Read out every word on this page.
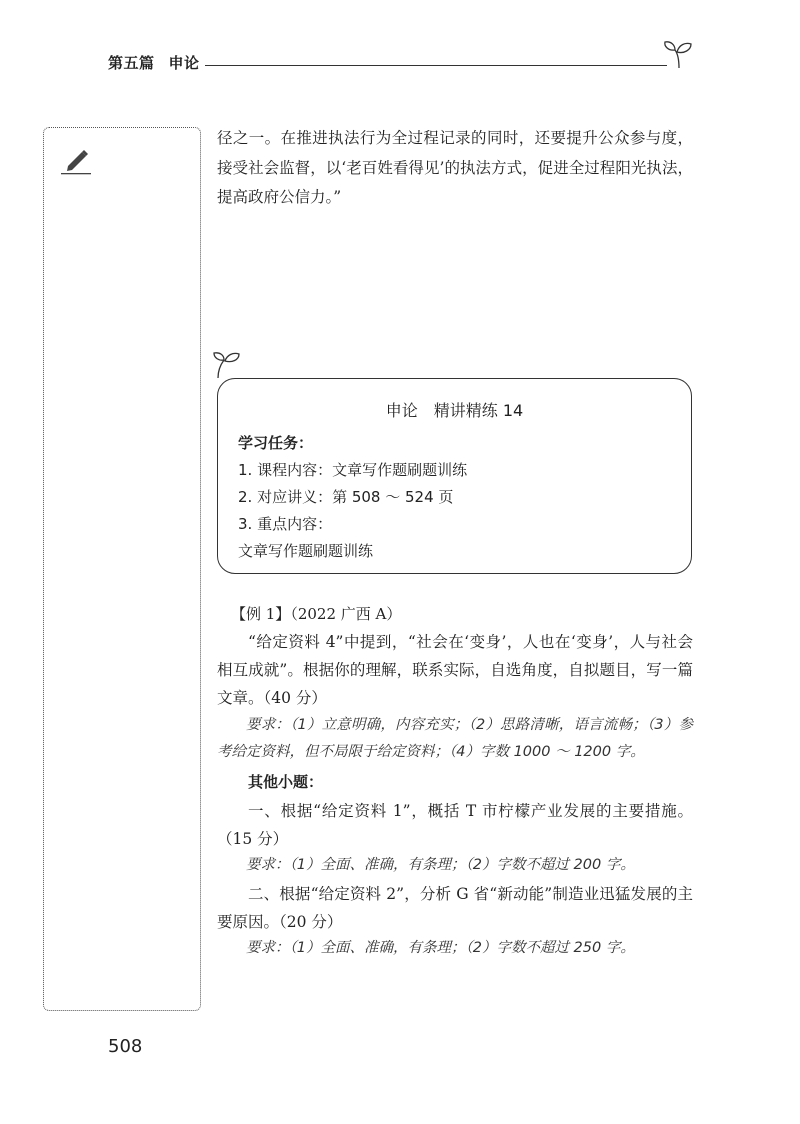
第五篇 申论

径之一。在推进执法行为全过程记录的同时，还要提升公众参与度，接受社会监督，以‘老百姓看得见’的执法方式，促进全过程阳光执法，提高政府公信力。”

申论 精讲精练 14
学习任务：
1. 课程内容：文章写作题刷题训练
2. 对应讲义：第 508 ～ 524 页
3. 重点内容：
文章写作题刷题训练
【例 1】（2022 广西 A）

“给定资料 4”中提到，“社会在‘变身’，人也在‘变身’，人与社会相互成就”。根据你的理解，联系实际，自选角度，自拟题目，写一篇文章。（40 分）

要求：（1）立意明确，内容充实；（2）思路清晰，语言流畅；（3）参考给定资料，但不局限于给定资料；（4）字数 1000 ～ 1200 字。

其他小题：

一、根据“给定资料 1”，概括 T 市柠檬产业发展的主要措施。（15 分）

要求：（1）全面、准确，有条理；（2）字数不超过 200 字。

二、根据“给定资料 2”，分析 G 省“新动能”制造业迅猛发展的主要原因。（20 分）

要求：（1）全面、准确，有条理；（2）字数不超过 250 字。

508
